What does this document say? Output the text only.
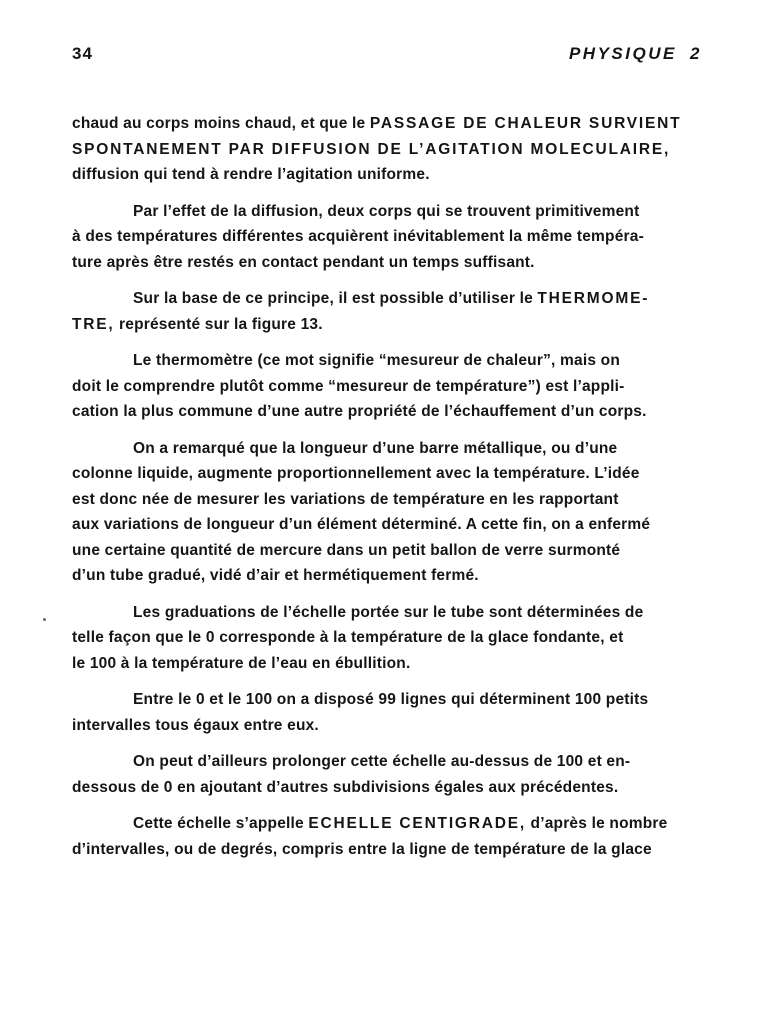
34	PHYSIQUE 2

chaud au corps moins chaud, et que le PASSAGE DE CHALEUR SURVIENT
SPONTANEMENT PAR DIFFUSION DE L’AGITATION MOLECULAIRE,
diffusion qui tend à rendre l’agitation uniforme.

Par l’effet de la diffusion, deux corps qui se trouvent primitivement
à des températures différentes acquièrent inévitablement la même tempéra-
ture après être restés en contact pendant un temps suffisant.

Sur la base de ce principe, il est possible d’utiliser le THERMOME-
TRE, représenté sur la figure 13.

Le thermomètre (ce mot signifie “mesureur de chaleur”, mais on
doit le comprendre plutôt comme “mesureur de température”) est l’appli-
cation la plus commune d’une autre propriété de l’échauffement d’un corps.

On a remarqué que la longueur d’une barre métallique, ou d’une
colonne liquide, augmente proportionnellement avec la température. L’idée
est donc née de mesurer les variations de température en les rapportant
aux variations de longueur d’un élément déterminé. A cette fin, on a enfermé
une certaine quantité de mercure dans un petit ballon de verre surmonté
d’un tube gradué, vidé d’air et hermétiquement fermé.

Les graduations de l’échelle portée sur le tube sont déterminées de
telle façon que le 0 corresponde à la température de la glace fondante, et
le 100 à la température de l’eau en ébullition.

Entre le 0 et le 100 on a disposé 99 lignes qui déterminent 100 petits
intervalles tous égaux entre eux.

On peut d’ailleurs prolonger cette échelle au-dessus de 100 et en-
dessous de 0 en ajoutant d’autres subdivisions égales aux précédentes.

Cette échelle s’appelle ECHELLE CENTIGRADE, d’après le nombre
d’intervalles, ou de degrés, compris entre la ligne de température de la glace
